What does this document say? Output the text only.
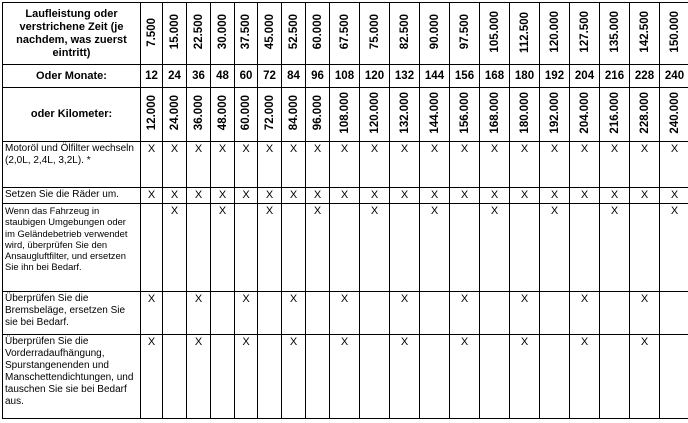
Laufleistung oder verstrichene Zeit (je nachdem, was zuerst eintritt)	7.500	15.000	22.500	30.000	37.500	45.000	52.500	60.000	67.500	75.000	82.500	90.000	97.500	105.000	112.500	120.000	127.500	135.000	142.500	150.000
Oder Monate:	12	24	36	48	60	72	84	96	108	120	132	144	156	168	180	192	204	216	228	240
oder Kilometer:	12.000	24.000	36.000	48.000	60.000	72.000	84.000	96.000	108.000	120.000	132.000	144.000	156.000	168.000	180.000	192.000	204.000	216.000	228.000	240.000
Motoröl und Ölfilter wechseln (2,0L, 2,4L, 3,2L). *	X	X	X	X	X	X	X	X	X	X	X	X	X	X	X	X	X	X	X	X
Setzen Sie die Räder um.	X	X	X	X	X	X	X	X	X	X	X	X	X	X	X	X	X	X	X	X
Wenn das Fahrzeug in staubigen Umgebungen oder im Geländebetrieb verwendet wird, überprüfen Sie den Ansaugluftfilter, und ersetzen Sie ihn bei Bedarf.		X		X		X		X		X		X		X		X		X		X
Überprüfen Sie die Bremsbeläge, ersetzen Sie sie bei Bedarf.	X		X		X		X		X		X		X		X		X		X	
Überprüfen Sie die Vorderradaufhängung, Spurstangenenden und Manschettendichtungen, und tauschen Sie sie bei Bedarf aus.	X		X		X		X		X		X		X		X		X		X	
